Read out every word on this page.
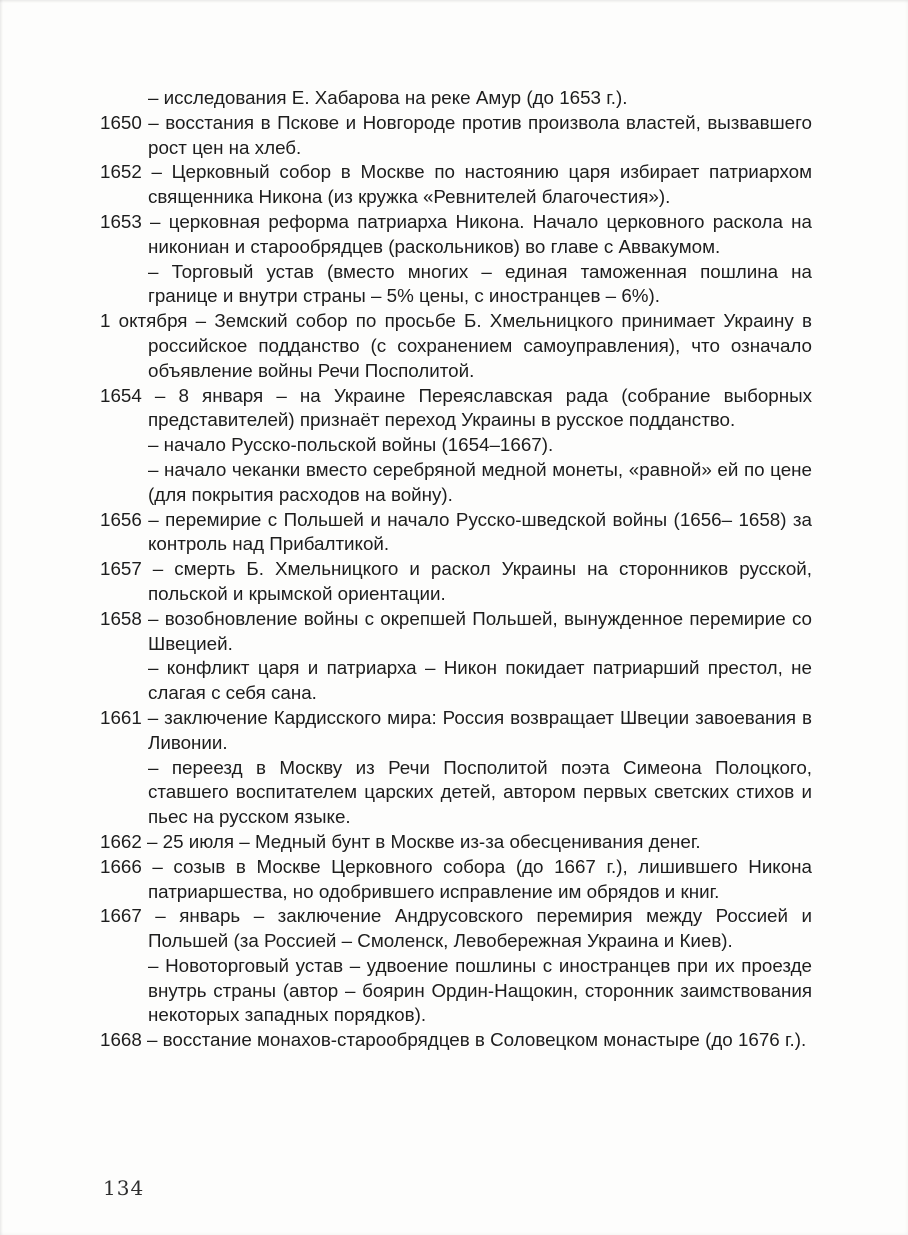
– исследования Е. Хабарова на реке Амур (до 1653 г.).

1650 – восстания в Пскове и Новгороде против произвола властей, вызвавшего рост цен на хлеб.

1652 – Церковный собор в Москве по настоянию царя избирает патриархом священника Никона (из кружка «Ревнителей благочестия»).

1653 – церковная реформа патриарха Никона. Начало церковного раскола на никониан и старообрядцев (раскольников) во главе с Аввакумом.

– Торговый устав (вместо многих – единая таможенная пошлина на границе и внутри страны – 5% цены, с иностранцев – 6%).

1 октября – Земский собор по просьбе Б. Хмельницкого принимает Украину в российское подданство (с сохранением самоуправления), что означало объявление войны Речи Посполитой.

1654 – 8 января – на Украине Переяславская рада (собрание выборных представителей) признаёт переход Украины в русское подданство.

– начало Русско-польской войны (1654–1667).

– начало чеканки вместо серебряной медной монеты, «равной» ей по цене (для покрытия расходов на войну).

1656 – перемирие с Польшей и начало Русско-шведской войны (1656– 1658) за контроль над Прибалтикой.

1657 – смерть Б. Хмельницкого и раскол Украины на сторонников русской, польской и крымской ориентации.

1658 – возобновление войны с окрепшей Польшей, вынужденное перемирие со Швецией.

– конфликт царя и патриарха – Никон покидает патриарший престол, не слагая с себя сана.

1661 – заключение Кардисского мира: Россия возвращает Швеции завоевания в Ливонии.

– переезд в Москву из Речи Посполитой поэта Симеона Полоцкого, ставшего воспитателем царских детей, автором первых светских стихов и пьес на русском языке.

1662 – 25 июля – Медный бунт в Москве из-за обесценивания денег.

1666 – созыв в Москве Церковного собора (до 1667 г.), лишившего Никона патриаршества, но одобрившего исправление им обрядов и книг.

1667 – январь – заключение Андрусовского перемирия между Россией и Польшей (за Россией – Смоленск, Левобережная Украина и Киев).

– Новоторговый устав – удвоение пошлины с иностранцев при их проезде внутрь страны (автор – боярин Ордин-Нащокин, сторонник заимствования некоторых западных порядков).

1668 – восстание монахов-старообрядцев в Соловецком монастыре (до 1676 г.).

134
